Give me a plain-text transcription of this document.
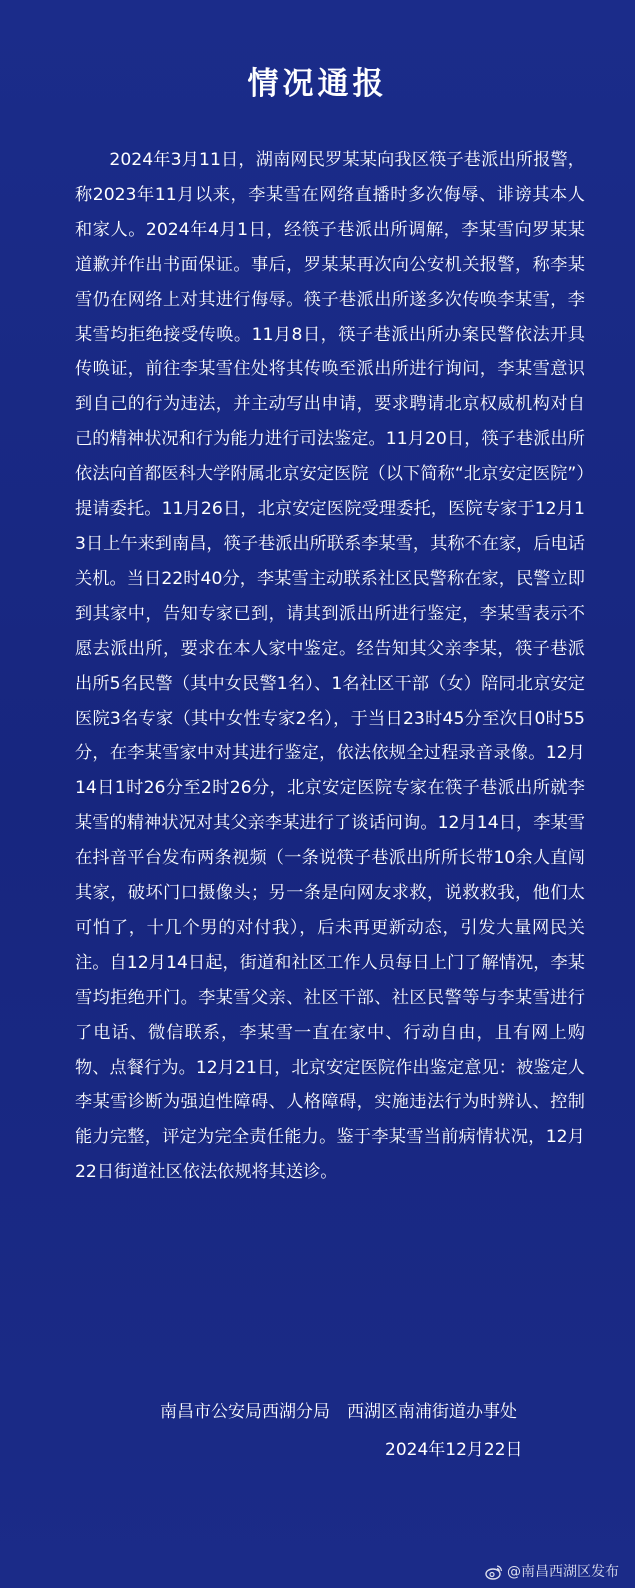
情况通报

2024年3月11日，湖南网民罗某某向我区筷子巷派出所报警，称2023年11月以来，李某雪在网络直播时多次侮辱、诽谤其本人和家人。2024年4月1日，经筷子巷派出所调解，李某雪向罗某某道歉并作出书面保证。事后，罗某某再次向公安机关报警，称李某雪仍在网络上对其进行侮辱。筷子巷派出所遂多次传唤李某雪，李某雪均拒绝接受传唤。11月8日，筷子巷派出所办案民警依法开具传唤证，前往李某雪住处将其传唤至派出所进行询问，李某雪意识到自己的行为违法，并主动写出申请，要求聘请北京权威机构对自己的精神状况和行为能力进行司法鉴定。11月20日，筷子巷派出所依法向首都医科大学附属北京安定医院（以下简称“北京安定医院”）提请委托。11月26日，北京安定医院受理委托，医院专家于12月13日上午来到南昌，筷子巷派出所联系李某雪，其称不在家，后电话关机。当日22时40分，李某雪主动联系社区民警称在家，民警立即到其家中，告知专家已到，请其到派出所进行鉴定，李某雪表示不愿去派出所，要求在本人家中鉴定。经告知其父亲李某，筷子巷派出所5名民警（其中女民警1名）、1名社区干部（女）陪同北京安定医院3名专家（其中女性专家2名），于当日23时45分至次日0时55分，在李某雪家中对其进行鉴定，依法依规全过程录音录像。12月14日1时26分至2时26分，北京安定医院专家在筷子巷派出所就李某雪的精神状况对其父亲李某进行了谈话问询。12月14日，李某雪在抖音平台发布两条视频（一条说筷子巷派出所所长带10余人直闯其家，破坏门口摄像头；另一条是向网友求救，说救救我，他们太可怕了，十几个男的对付我），后未再更新动态，引发大量网民关注。自12月14日起，街道和社区工作人员每日上门了解情况，李某雪均拒绝开门。李某雪父亲、社区干部、社区民警等与李某雪进行了电话、微信联系，李某雪一直在家中、行动自由，且有网上购物、点餐行为。12月21日，北京安定医院作出鉴定意见：被鉴定人李某雪诊断为强迫性障碍、人格障碍，实施违法行为时辨认、控制能力完整，评定为完全责任能力。鉴于李某雪当前病情状况，12月22日街道社区依法依规将其送诊。

南昌市公安局西湖分局　西湖区南浦街道办事处
2024年12月22日
@南昌西湖区发布
